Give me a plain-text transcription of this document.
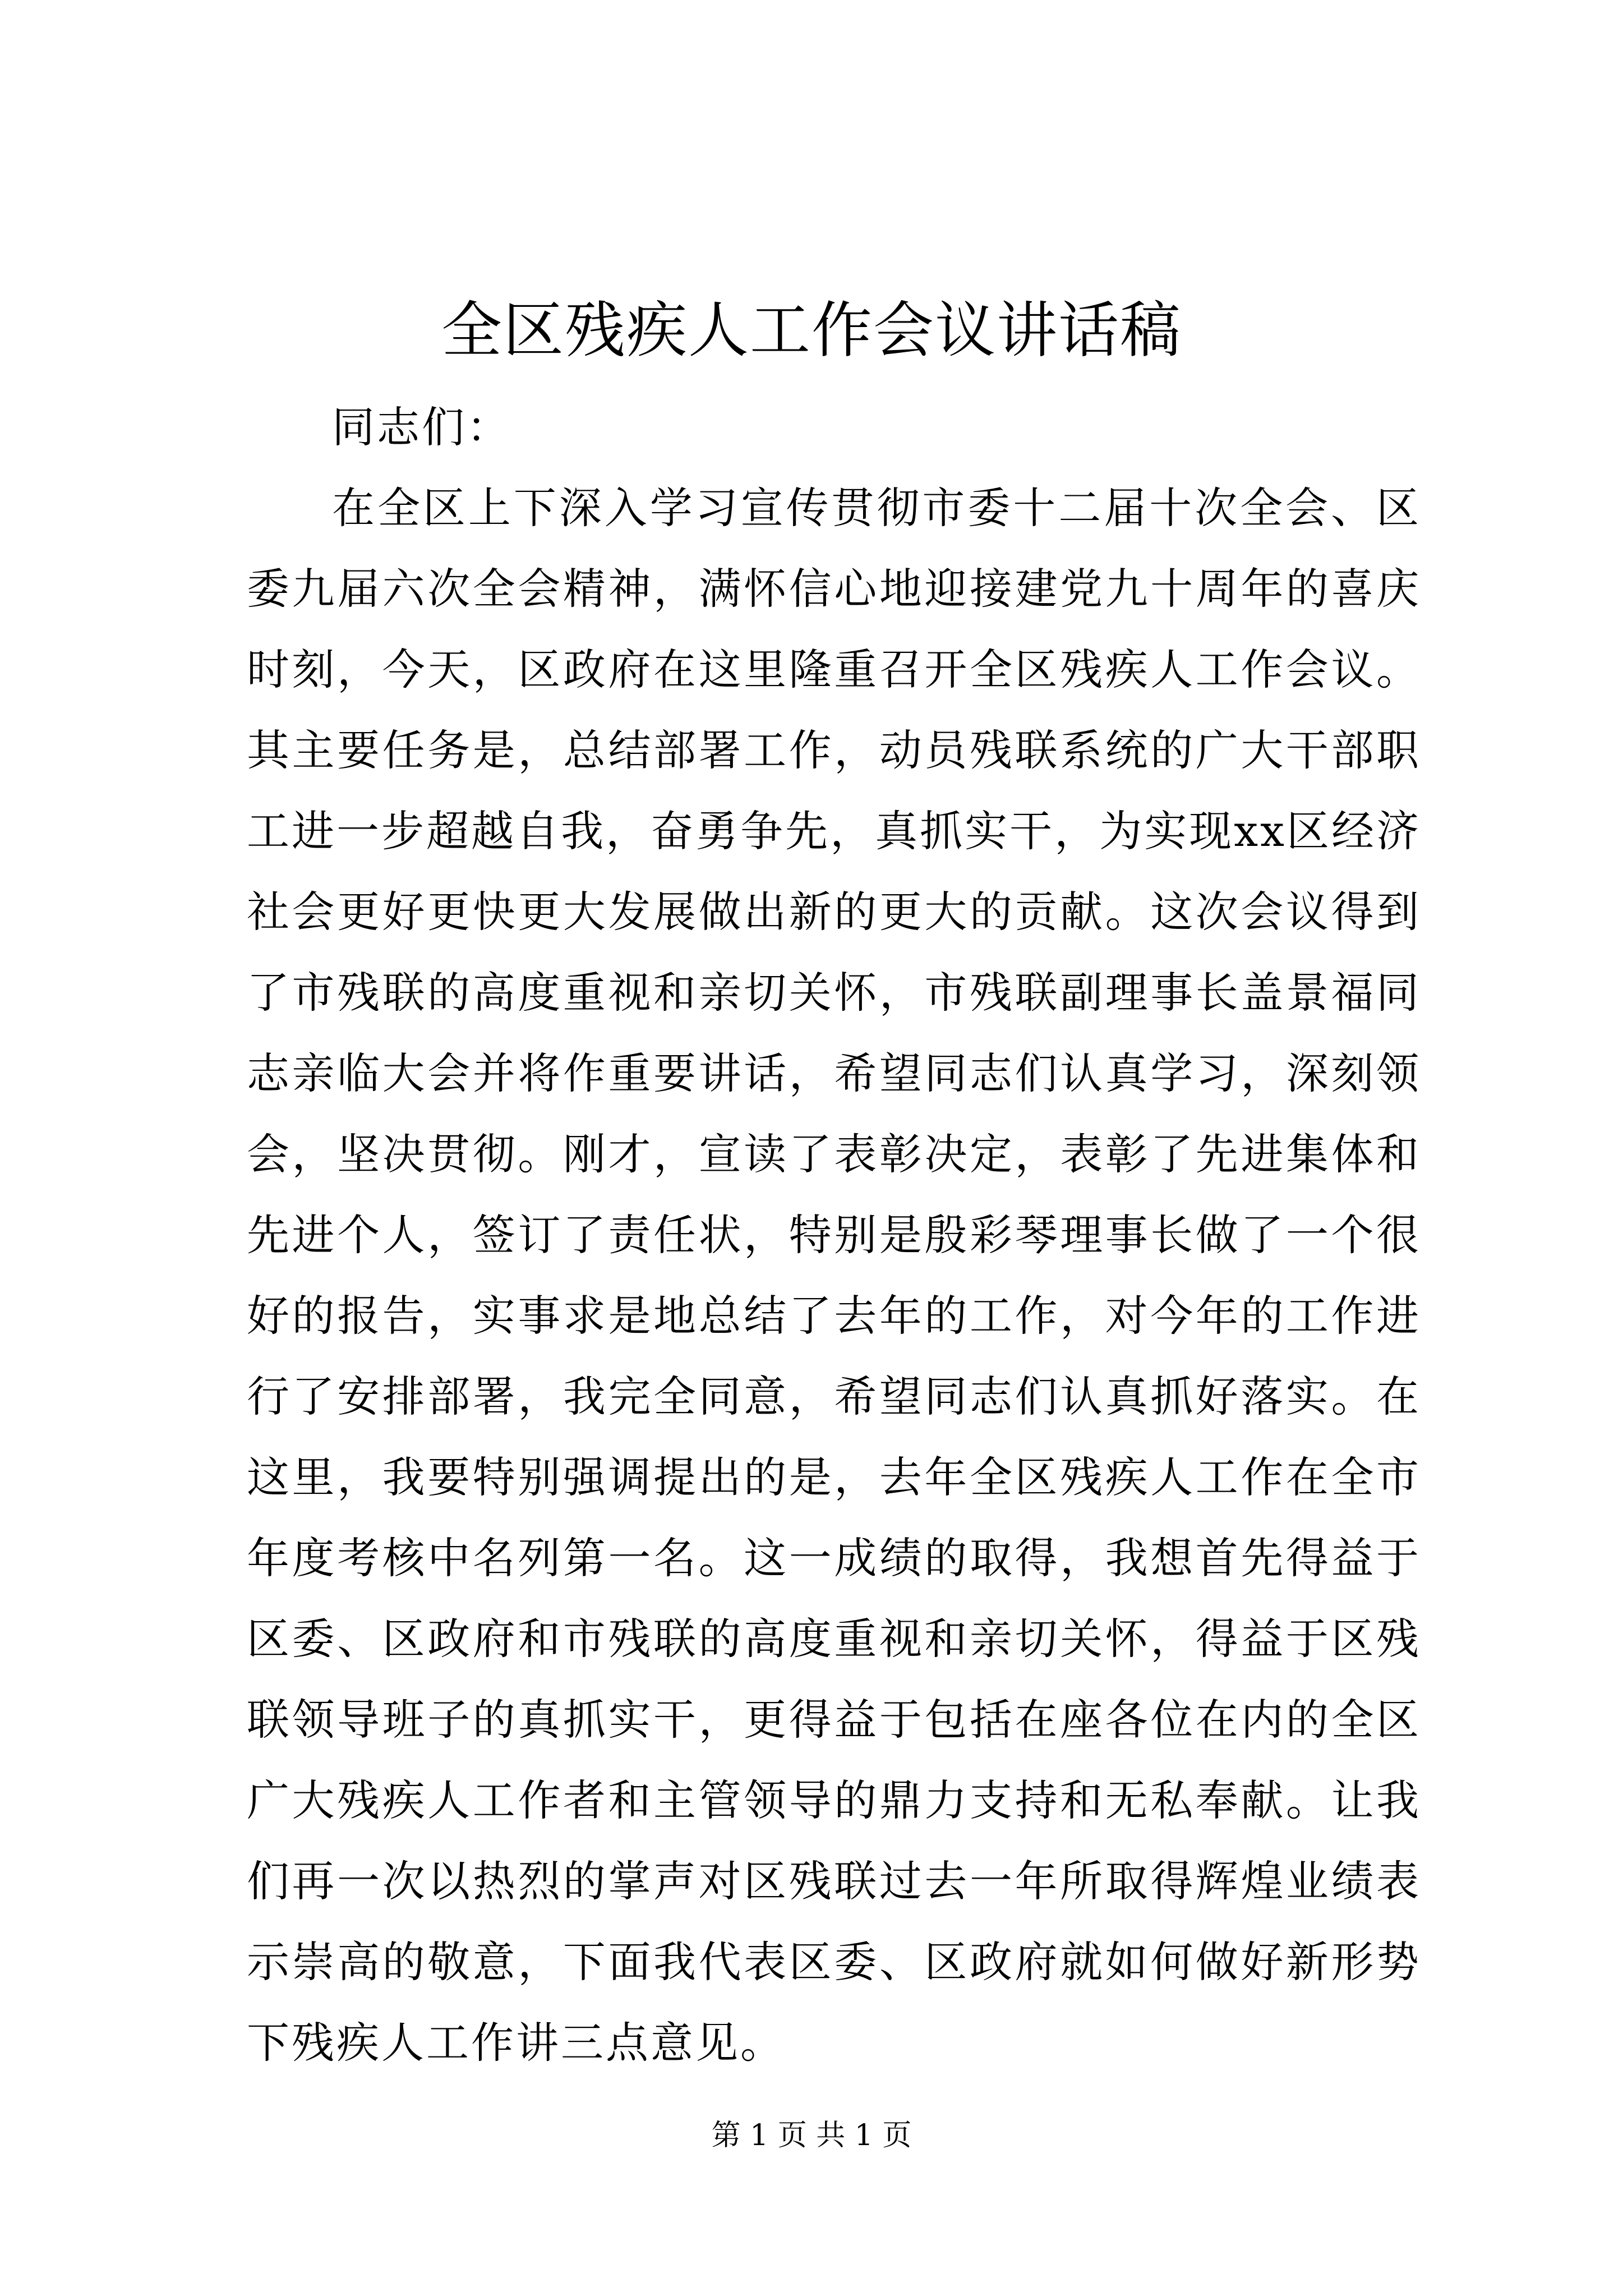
全区残疾人工作会议讲话稿

同志们：

在全区上下深入学习宣传贯彻市委十二届十次全会、区委九届六次全会精神，满怀信心地迎接建党九十周年的喜庆时刻，今天，区政府在这里隆重召开全区残疾人工作会议。其主要任务是，总结部署工作，动员残联系统的广大干部职工进一步超越自我，奋勇争先，真抓实干，为实现xx区经济社会更好更快更大发展做出新的更大的贡献。这次会议得到了市残联的高度重视和亲切关怀，市残联副理事长盖景福同志亲临大会并将作重要讲话，希望同志们认真学习，深刻领会，坚决贯彻。刚才，宣读了表彰决定，表彰了先进集体和先进个人，签订了责任状，特别是殷彩琴理事长做了一个很好的报告，实事求是地总结了去年的工作，对今年的工作进行了安排部署，我完全同意，希望同志们认真抓好落实。在这里，我要特别强调提出的是，去年全区残疾人工作在全市年度考核中名列第一名。这一成绩的取得，我想首先得益于区委、区政府和市残联的高度重视和亲切关怀，得益于区残联领导班子的真抓实干，更得益于包括在座各位在内的全区广大残疾人工作者和主管领导的鼎力支持和无私奉献。让我们再一次以热烈的掌声对区残联过去一年所取得辉煌业绩表示崇高的敬意，下面我代表区委、区政府就如何做好新形势下残疾人工作讲三点意见。

第 1 页 共 1 页
